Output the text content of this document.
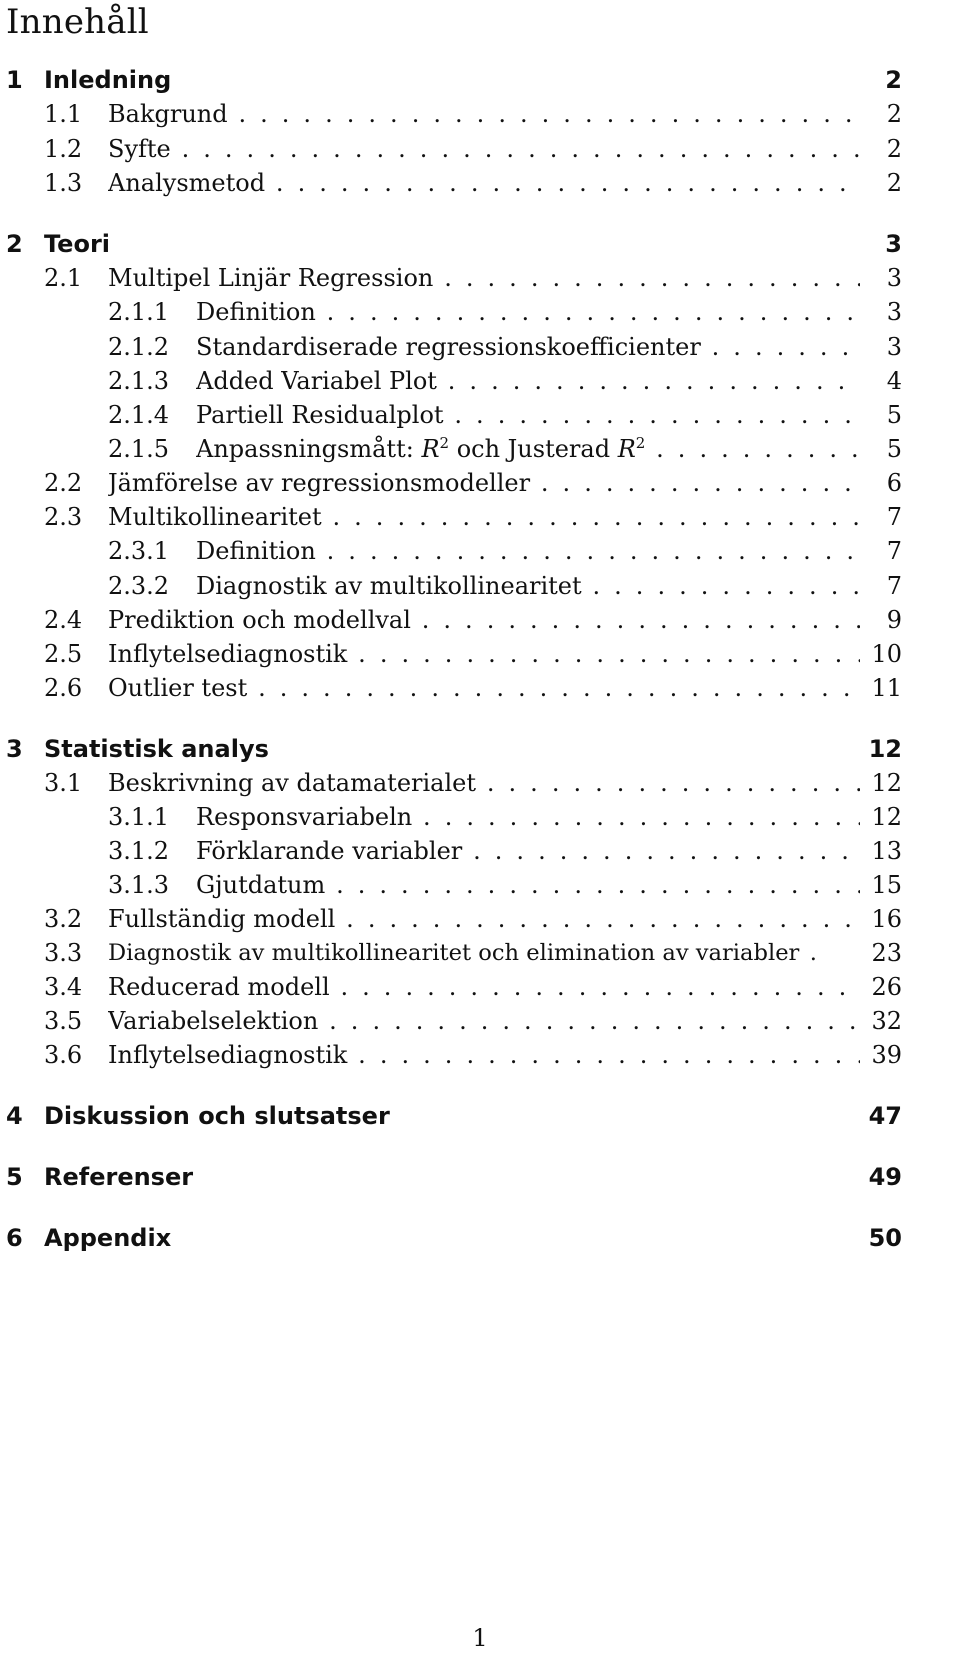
Innehåll
1 Inledning	2
1.1 Bakgrund . . .	2
1.2 Syfte . . .	2
1.3 Analysmetod . . .	2
2 Teori	3
2.1 Multipel Linjär Regression . . .	3
2.1.1 Definition . . .	3
2.1.2 Standardiserade regressionskoefficienter . . .	3
2.1.3 Added Variabel Plot . . .	4
2.1.4 Partiell Residualplot . . .	5
2.1.5 Anpassningsmått: $R^2$ och Justerad $R^2$ . . .	5
2.2 Jämförelse av regressionsmodeller . . .	6
2.3 Multikollinearitet . . .	7
2.3.1 Definition . . .	7
2.3.2 Diagnostik av multikollinearitet . . .	7
2.4 Prediktion och modellval . . .	9
2.5 Inflytelsediagnostik . . .	10
2.6 Outlier test . . .	11
3 Statistisk analys	12
3.1 Beskrivning av datamaterialet . . .	12
3.1.1 Responsvariabeln . . .	12
3.1.2 Förklarande variabler . . .	13
3.1.3 Gjutdatum . . .	15
3.2 Fullständig modell . . .	16
3.3 Diagnostik av multikollinearitet och elimination av variabler .	23
3.4 Reducerad modell . . .	26
3.5 Variabelselektion . . .	32
3.6 Inflytelsediagnostik . . .	39
4 Diskussion och slutsatser	47
5 Referenser	49
6 Appendix	50
1
